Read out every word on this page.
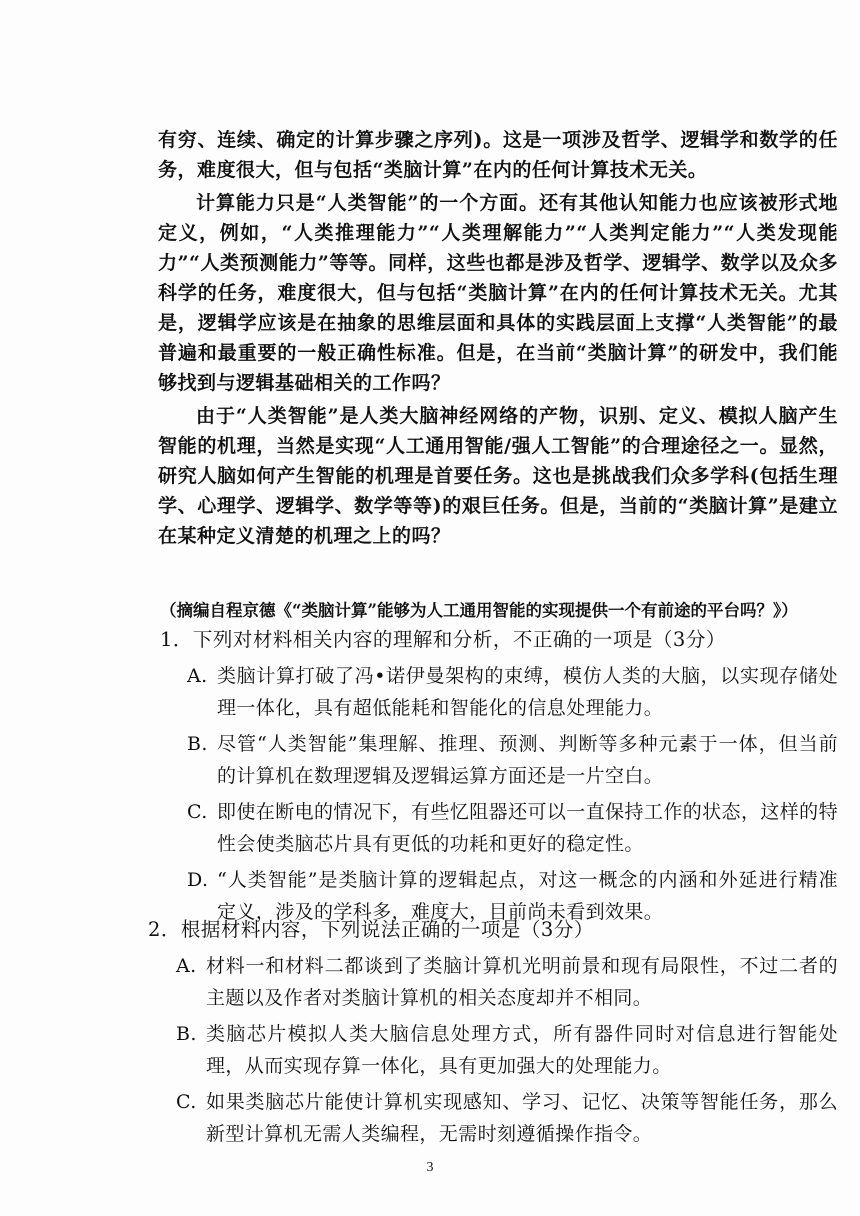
有穷、连续、确定的计算步骤之序列)。这是一项涉及哲学、逻辑学和数学的任务，难度很大，但与包括“类脑计算”在内的任何计算技术无关。

计算能力只是“人类智能”的一个方面。还有其他认知能力也应该被形式地定义，例如，“人类推理能力”“人类理解能力”“人类判定能力”“人类发现能力”“人类预测能力”等等。同样，这些也都是涉及哲学、逻辑学、数学以及众多科学的任务，难度很大，但与包括“类脑计算”在内的任何计算技术无关。尤其是，逻辑学应该是在抽象的思维层面和具体的实践层面上支撑“人类智能”的最普遍和最重要的一般正确性标准。但是，在当前“类脑计算”的研发中，我们能够找到与逻辑基础相关的工作吗？

由于“人类智能”是人类大脑神经网络的产物，识别、定义、模拟人脑产生智能的机理，当然是实现“人工通用智能/强人工智能”的合理途径之一。显然，研究人脑如何产生智能的机理是首要任务。这也是挑战我们众多学科(包括生理学、心理学、逻辑学、数学等等)的艰巨任务。但是，当前的“类脑计算”是建立在某种定义清楚的机理之上的吗？

（摘编自程京德《“类脑计算”能够为人工通用智能的实现提供一个有前途的平台吗？》）

1．下列对材料相关内容的理解和分析，不正确的一项是（3分）

A. 类脑计算打破了冯•诺伊曼架构的束缚，模仿人类的大脑，以实现存储处理一体化，具有超低能耗和智能化的信息处理能力。
B. 尽管“人类智能”集理解、推理、预测、判断等多种元素于一体，但当前的计算机在数理逻辑及逻辑运算方面还是一片空白。
C. 即使在断电的情况下，有些忆阻器还可以一直保持工作的状态，这样的特性会使类脑芯片具有更低的功耗和更好的稳定性。
D. “人类智能”是类脑计算的逻辑起点，对这一概念的内涵和外延进行精准定义，涉及的学科多，难度大，目前尚未看到效果。

2．根据材料内容，下列说法正确的一项是（3分）

A. 材料一和材料二都谈到了类脑计算机光明前景和现有局限性，不过二者的主题以及作者对类脑计算机的相关态度却并不相同。
B. 类脑芯片模拟人类大脑信息处理方式，所有器件同时对信息进行智能处理，从而实现存算一体化，具有更加强大的处理能力。
C. 如果类脑芯片能使计算机实现感知、学习、记忆、决策等智能任务，那么新型计算机无需人类编程，无需时刻遵循操作指令。
3
